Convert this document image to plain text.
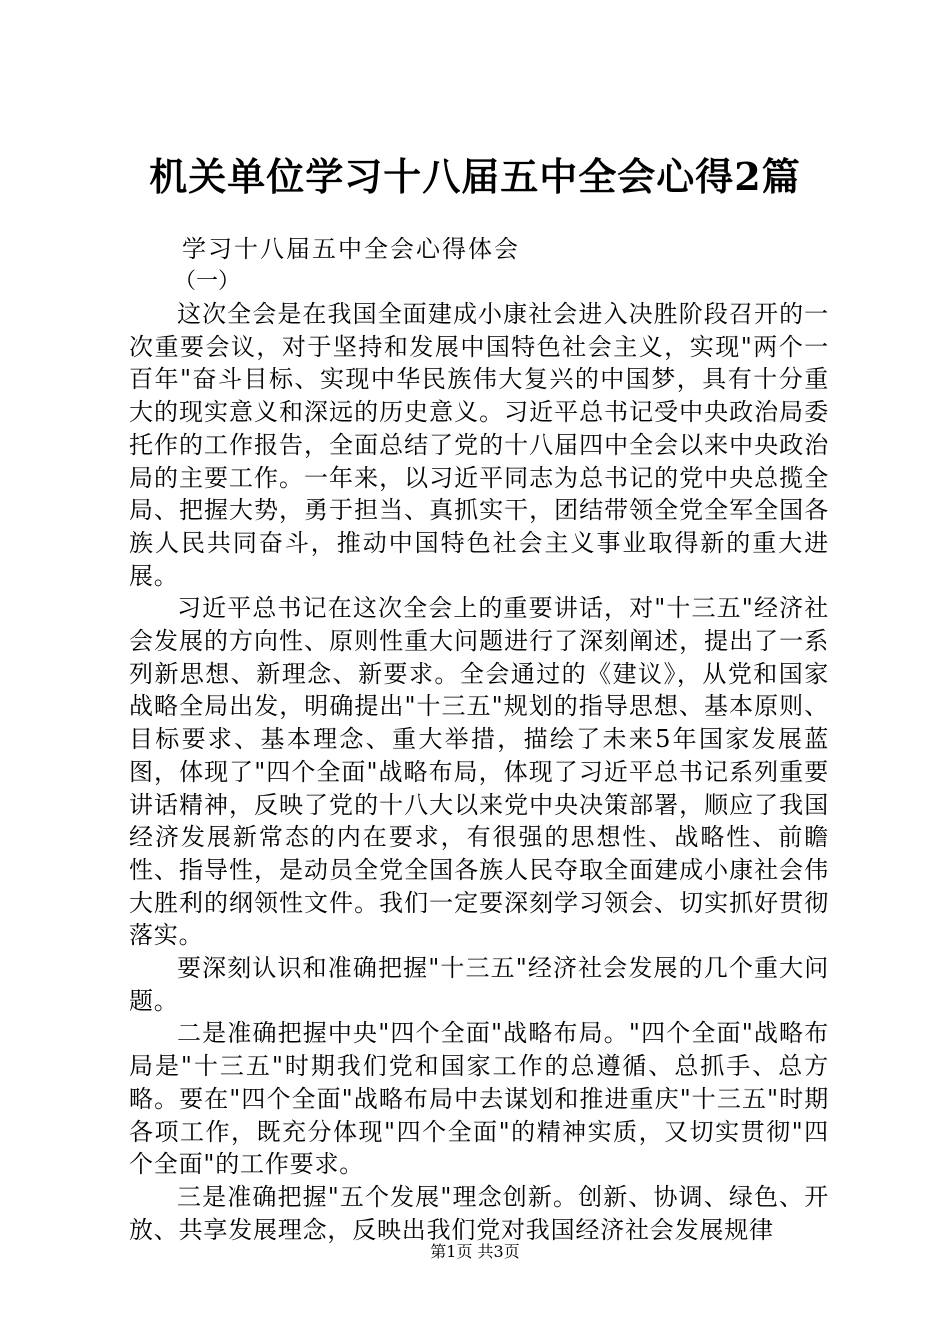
机关单位学习十八届五中全会心得2篇
学习十八届五中全会心得体会
（一）

这次全会是在我国全面建成小康社会进入决胜阶段召开的一次重要会议，对于坚持和发展中国特色社会主义，实现"两个一百年"奋斗目标、实现中华民族伟大复兴的中国梦，具有十分重大的现实意义和深远的历史意义。习近平总书记受中央政治局委托作的工作报告，全面总结了党的十八届四中全会以来中央政治局的主要工作。一年来，以习近平同志为总书记的党中央总揽全局、把握大势，勇于担当、真抓实干，团结带领全党全军全国各族人民共同奋斗，推动中国特色社会主义事业取得新的重大进展。

习近平总书记在这次全会上的重要讲话，对"十三五"经济社会发展的方向性、原则性重大问题进行了深刻阐述，提出了一系列新思想、新理念、新要求。全会通过的《建议》，从党和国家战略全局出发，明确提出"十三五"规划的指导思想、基本原则、目标要求、基本理念、重大举措，描绘了未来5年国家发展蓝图，体现了"四个全面"战略布局，体现了习近平总书记系列重要讲话精神，反映了党的十八大以来党中央决策部署，顺应了我国经济发展新常态的内在要求，有很强的思想性、战略性、前瞻性、指导性，是动员全党全国各族人民夺取全面建成小康社会伟大胜利的纲领性文件。我们一定要深刻学习领会、切实抓好贯彻落实。

要深刻认识和准确把握"十三五"经济社会发展的几个重大问题。

二是准确把握中央"四个全面"战略布局。"四个全面"战略布局是"十三五"时期我们党和国家工作的总遵循、总抓手、总方略。要在"四个全面"战略布局中去谋划和推进重庆"十三五"时期各项工作，既充分体现"四个全面"的精神实质，又切实贯彻"四个全面"的工作要求。

三是准确把握"五个发展"理念创新。创新、协调、绿色、开放、共享发展理念，反映出我们党对我国经济社会发展规律

第1页 共3页
